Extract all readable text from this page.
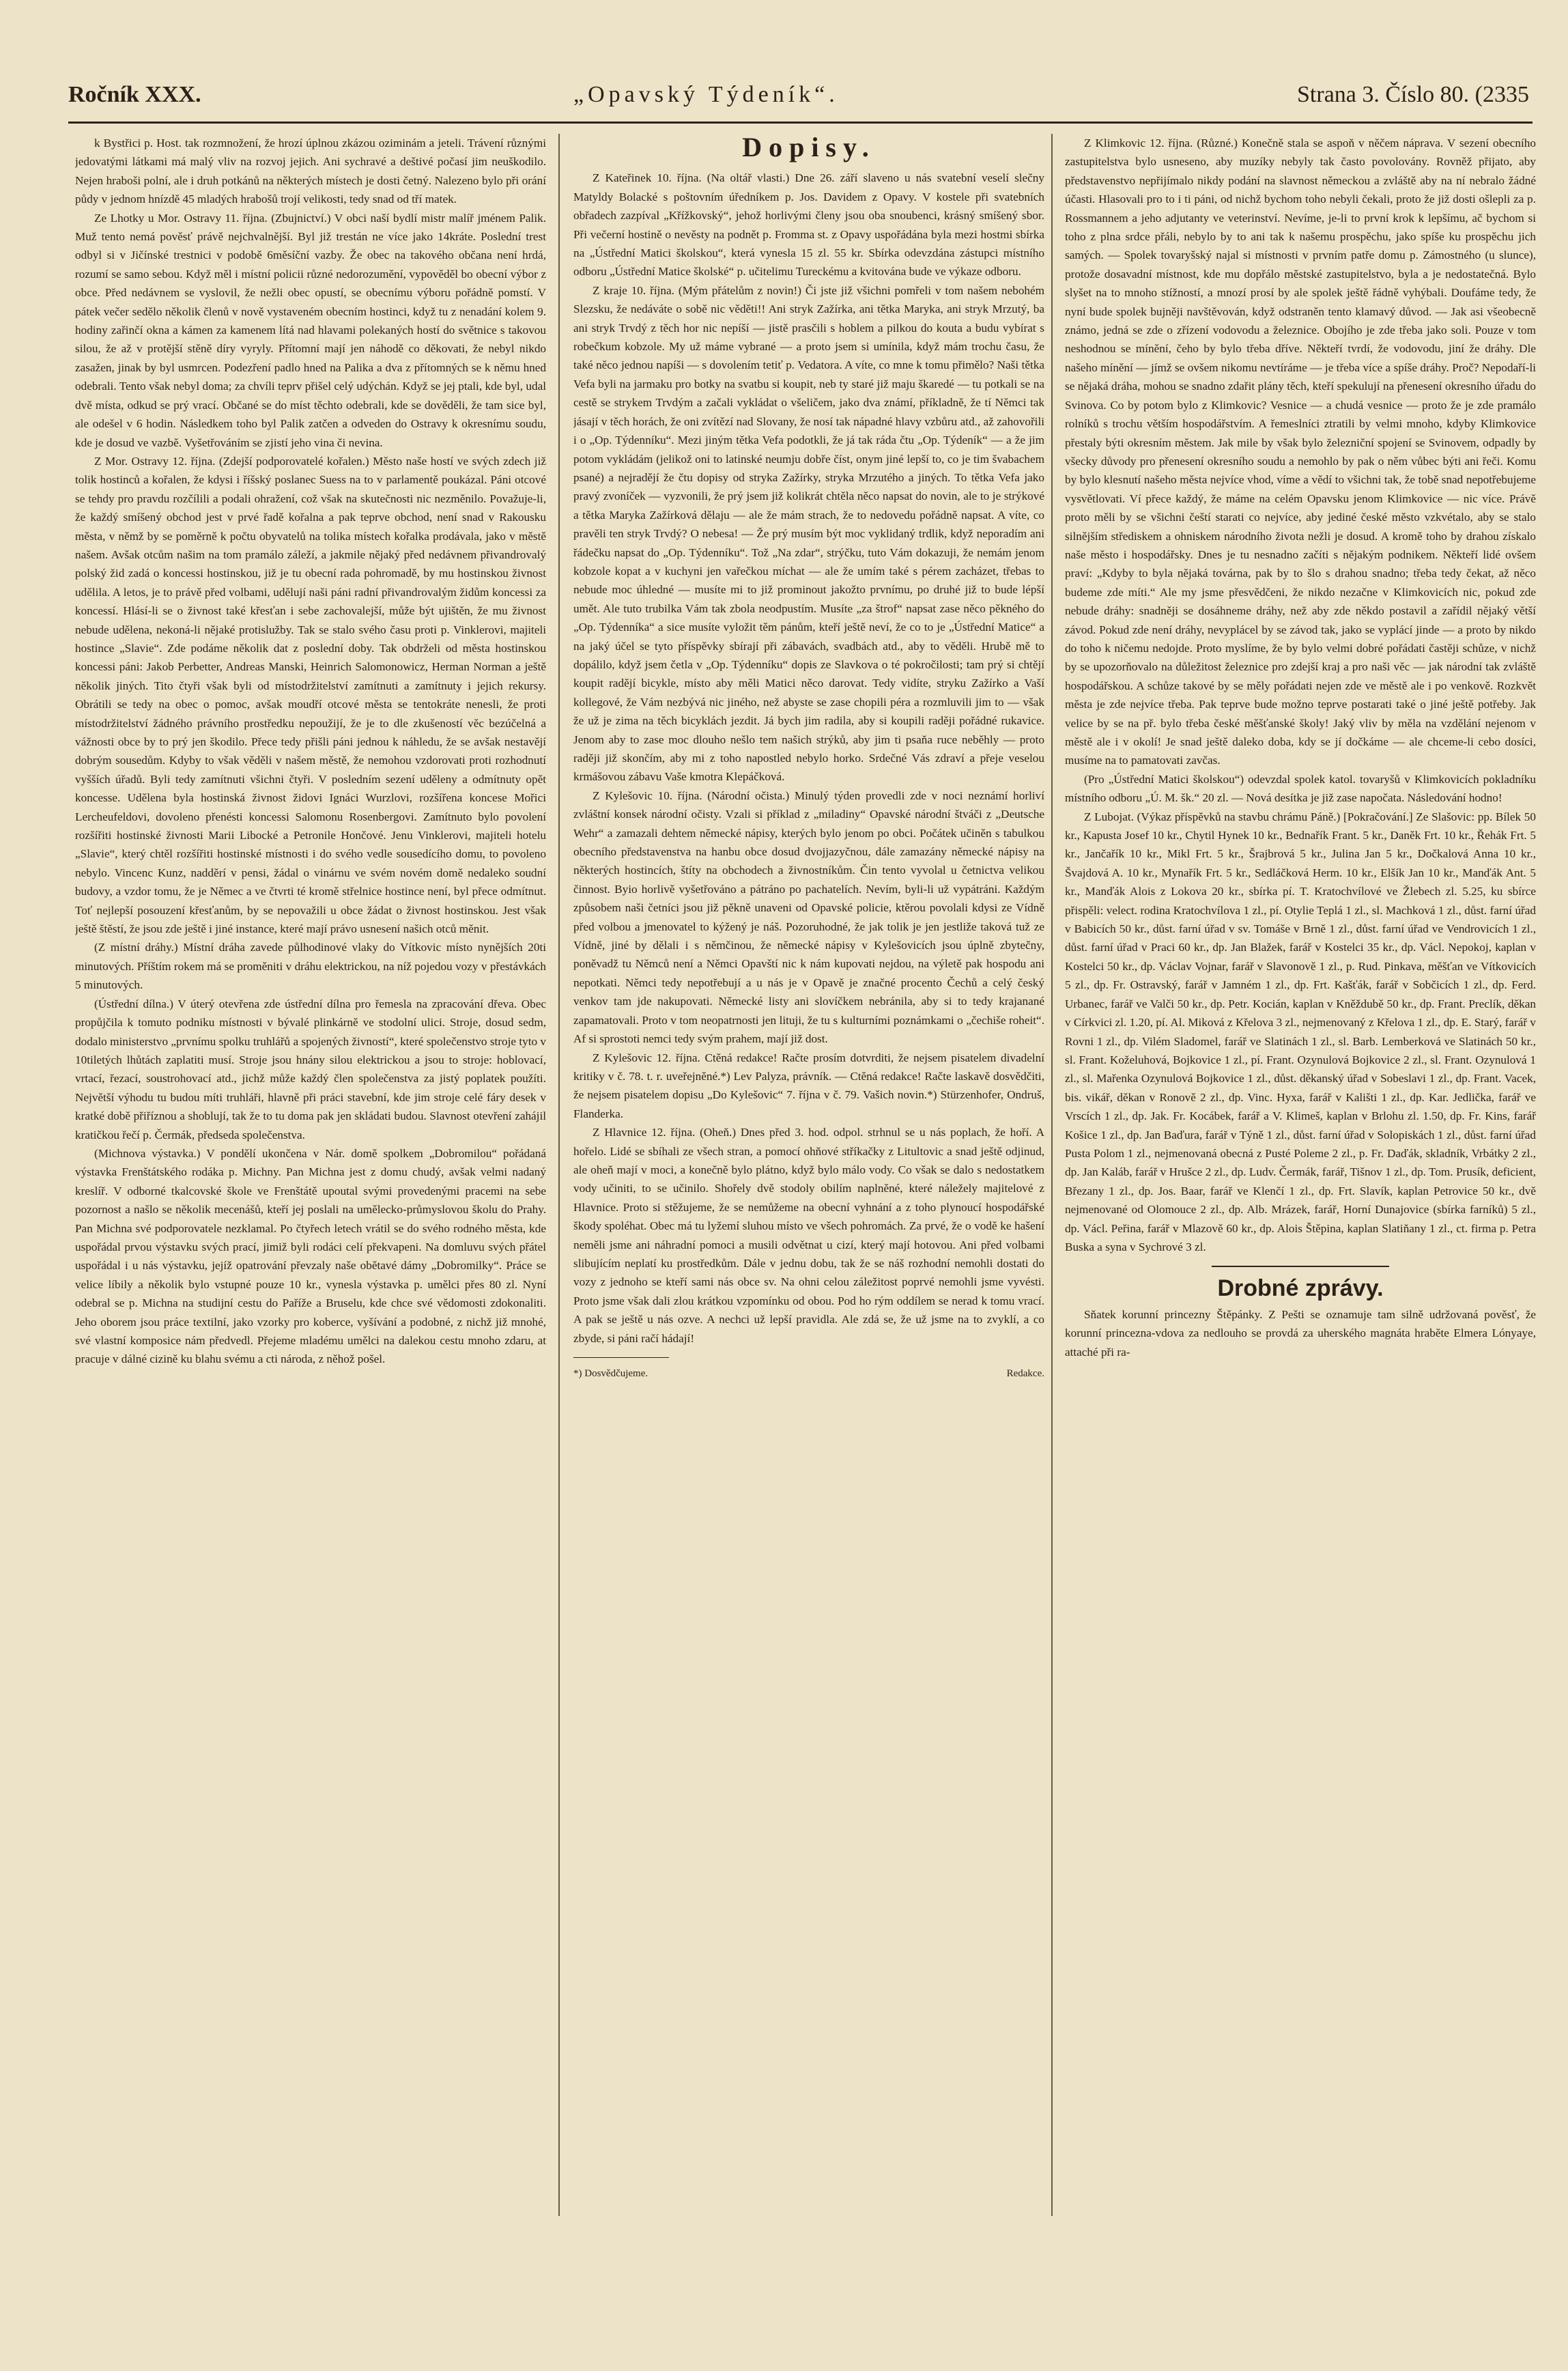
Ročník XXX.	„Opavský Týdeník“.	Strana 3. Číslo 80. (2335

k Bystřici p. Host. tak rozmnožení, že hrozí úplnou zkázou oziminám a jeteli. Trávení různými jedovatými látkami má malý vliv na rozvoj jejich. Ani sychravé a deštivé počasí jim neuškodilo. Nejen hraboši polní, ale i druh potkánů na některých místech je dosti četný. Nalezeno bylo při orání půdy v jednom hnízdě 45 mladých hrabošů trojí velikosti, tedy snad od tří matek.

Ze Lhotky u Mor. Ostravy 11. října. (Zbujnictví.) V obci naší bydlí mistr malíř jménem Palik. Muž tento nemá pověsť právě nejchvalnější. Byl již trestán ne více jako 14kráte. Poslední trest odbyl si v Jičínské trestnici v podobě 6měsíční vazby. Že obec na takového občana není hrdá, rozumí se samo sebou. Když měl i místní policii různé nedorozumění, vypověděl bo obecní výbor z obce. Před nedávnem se vyslovil, že nežli obec opustí, se obecnímu výboru pořádně pomstí. V pátek večer sedělo několik členů v nově vystaveném obecním hostinci, když tu z nenadání kolem 9. hodiny zařinčí okna a kámen za kamenem lítá nad hlavami polekaných hostí do světnice s takovou silou, že až v protější stěně díry vyryly. Přítomní mají jen náhodě co děkovati, že nebyl nikdo zasažen, jinak by byl usmrcen. Podezření padlo hned na Palika a dva z přítomných se k němu hned odebrali. Tento však nebyl doma; za chvíli teprv přišel celý udýchán. Když se jej ptali, kde byl, udal dvě místa, odkud se prý vrací. Občané se do míst těchto odebrali, kde se dověděli, že tam sice byl, ale odešel v 6 hodin. Následkem toho byl Palik zatčen a odveden do Ostravy k okresnímu soudu, kde je dosud ve vazbě. Vyšetřováním se zjistí jeho vina či nevina.

Z Mor. Ostravy 12. října. (Zdejší podporovatelé kořalen.) Město naše hostí ve svých zdech již tolik hostinců a kořalen, že kdysi i říšský poslanec Suess na to v parlamentě poukázal. Páni otcové se tehdy pro pravdu rozčílili a podali ohražení, což však na skutečnosti nic nezměnilo. Považuje-li, že každý smíšený obchod jest v prvé řadě kořalna a pak teprve obchod, není snad v Rakousku města, v němž by se poměrně k počtu obyvatelů na tolika místech kořalka prodávala, jako v městě našem. Avšak otcům našim na tom pramálo záleží, a jakmile nějaký před nedávnem přivandrovalý polský žid zadá o koncessi hostinskou, již je tu obecní rada pohromadě, by mu hostinskou živnost udělila. A letos, je to právě před volbami, udělují naši páni radní přivandrovalým židům koncessi za koncessí. Hlásí-li se o živnost také křesťan i sebe zachovalejší, může být ujištěn, že mu živnost nebude udělena, nekoná-li nějaké protislužby. Tak se stalo svého času proti p. Vinklerovi, majiteli hostince „Slavie“. Zde podáme několik dat z poslední doby. Tak obdrželi od města hostinskou koncessi páni: Jakob Perbetter, Andreas Manski, Heinrich Salomonowicz, Herman Norman a ještě několik jiných. Tito čtyři však byli od místodržitelství zamítnuti a zamítnuty i jejich rekursy. Obrátili se tedy na obec o pomoc, avšak moudří otcové města se tentokráte nenesli, že proti místodržitelství žádného právního prostředku nepoužijí, že je to dle zkušeností věc bezúčelná a vážnosti obce by to prý jen škodilo. Přece tedy přišli páni jednou k náhledu, že se avšak nestavějí dobrým sousedům. Kdyby to však věděli v našem městě, že nemohou vzdorovati proti rozhodnutí vyšších úřadů. Byli tedy zamítnuti všichni čtyři. V posledním sezení uděleny a odmítnuty opět koncesse. Udělena byla hostinská živnost židovi Ignáci Wurzlovi, rozšířena koncese Mořici Lercheufeldovi, dovoleno přenésti koncessi Salomonu Rosenbergovi. Zamítnuto bylo povolení rozšířiti hostinské živnosti Marii Libocké a Petronile Hončové. Jenu Vinklerovi, majiteli hotelu „Slavie“, který chtěl rozšířiti hostinské místnosti i do svého vedle sousedícího domu, to povoleno nebylo. Vincenc Kunz, nadděrí v pensi, žádal o vinárnu ve svém novém domě nedaleko soudní budovy, a vzdor tomu, že je Němec a ve čtvrti té kromě střelnice hostince není, byl přece odmítnut. Toť nejlepší posouzení křesťanům, by se nepovažili u obce žádat o živnost hostinskou. Jest však ještě štěstí, že jsou zde ještě i jiné instance, které mají právo usnesení našich otců měnit.

(Z místní dráhy.) Místní dráha zavede půlhodinové vlaky do Vítkovic místo nynějších 20ti minutových. Příštím rokem má se proměniti v dráhu elektrickou, na níž pojedou vozy v přestávkách 5 minutových.

(Ústřední dílna.) V úterý otevřena zde ústřední dílna pro řemesla na zpracování dřeva. Obec propůjčila k tomuto podniku místnosti v bývalé plinkárně ve stodolní ulici. Stroje, dosud sedm, dodalo ministerstvo „prvnímu spolku truhlářů a spojených živností“, které společenstvo stroje tyto v 10tiletých lhůtách zaplatiti musí. Stroje jsou hnány silou elektrickou a jsou to stroje: hoblovací, vrtací, řezací, soustrohovací atd., jichž může každý člen společenstva za jistý poplatek použíti. Největší výhodu tu budou míti truhláři, hlavně při práci stavební, kde jim stroje celé fáry desek v kratké době přiříznou a shoblují, tak že to tu doma pak jen skládati budou. Slavnost otevření zahájil kratičkou řečí p. Čermák, předseda společenstva.

(Michnova výstavka.) V pondělí ukončena v Nár. domě spolkem „Dobromilou“ pořádaná výstavka Frenštátského rodáka p. Michny. Pan Michna jest z domu chudý, avšak velmi nadaný kreslíř. V odborné tkalcovské škole ve Frenštátě upoutal svými provedenými pracemi na sebe pozornost a našlo se několik mecenášů, kteří jej poslali na umělecko-průmyslovou školu do Prahy. Pan Michna své podporovatele nezklamal. Po čtyřech letech vrátil se do svého rodného města, kde uspořádal prvou výstavku svých prací, jimiž byli rodáci celí překvapeni. Na domluvu svých přátel uspořádal i u nás výstavku, jejíž opatrování převzaly naše obětavé dámy „Dobromilky“. Práce se velice líbily a několik bylo vstupné pouze 10 kr., vynesla výstavka p. umělci přes 80 zl. Nyní odebral se p. Michna na studijní cestu do Paříže a Bruselu, kde chce své vědomosti zdokonaliti. Jeho oborem jsou práce textilní, jako vzorky pro koberce, vyšívání a podobné, z nichž již mnohé, své vlastní komposice nám předvedl. Přejeme mladému umělci na dalekou cestu mnoho zdaru, at pracuje v dálné cizině ku blahu svému a cti národa, z něhož pošel.

Dopisy.

Z Kateřinek 10. října. (Na oltář vlasti.) Dne 26. září slaveno u nás svatební veselí slečny Matyldy Bolacké s poštovním úředníkem p. Jos. Davidem z Opavy. V kostele při svatebních obřadech zazpíval „Křížkovský“, jehož horlivými členy jsou oba snoubenci, krásný smíšený sbor. Při večerní hostině o nevěsty na podnět p. Fromma st. z Opavy uspořádána byla mezi hostmi sbírka na „Ústřední Matici školskou“, která vynesla 15 zl. 55 kr. Sbírka odevzdána zástupci místního odboru „Ústřední Matice školské“ p. učitelimu Tureckému a kvitována bude ve výkaze odboru.

Z kraje 10. října. (Mým přátelům z novin!) Či jste již všichni pomřeli v tom našem nebohém Slezsku, že nedáváte o sobě nic věděti!! Ani stryk Zažírka, ani tětka Maryka, ani stryk Mrzutý, ba ani stryk Trvdý z těch hor nic nepíší — jistě prasčili s hoblem a pilkou do kouta a budu vybírat s robečkum kobzole. My už máme vybrané — a proto jsem si umínila, když mám trochu času, že také něco jednou napíši — s dovolením tetiť p. Vedatora. A víte, co mne k tomu přimělo? Naši tětka Vefa byli na jarmaku pro botky na svatbu si koupit, neb ty staré již maju škaredé — tu potkali se na cestě se strykem Trvdým a začali vykládat o všeličem, jako dva známí, příkladně, že tí Němci tak jásají v těch horách, že oni zvítězí nad Slovany, že nosí tak nápadné hlavy vzbůru atd., až zahovořili i o „Op. Týdenníku“. Mezi jiným tětka Vefa podotkli, že já tak ráda čtu „Op. Týdeník“ — a že jim potom vykládám (jelikož oni to latinské neumju dobře číst, onym jiné lepší to, co je tim švabachem psané) a nejradějí že čtu dopisy od stryka Zažírky, stryka Mrzutého a jiných. To tětka Vefa jako pravý zvoníček — vyzvonili, že prý jsem již kolikrát chtěla něco napsat do novin, ale to je strýkové a tětka Maryka Zažírková dělaju — ale že mám strach, že to nedovedu pořádně napsat. A víte, co pravěli ten stryk Trvdý? O nebesa! — Že prý musím být moc vyklidaný trdlik, když neporadím ani řádečku napsat do „Op. Týdenníku“. Tož „Na zdar“, strýčku, tuto Vám dokazuji, že nemám jenom kobzole kopat a v kuchyni jen vařečkou míchat — ale že umím také s pérem zacházet, třebas to nebude moc úhledné — musíte mi to již prominout jakožto prvnímu, po druhé již to bude lépší umět. Ale tuto trubilka Vám tak zbola neodpustím. Musíte „za štrof“ napsat zase něco pěkného do „Op. Týdenníka“ a sice musíte vyložit těm pánům, kteří ještě neví, že co to je „Ústřední Matice“ a na jaký účel se tyto příspěvky sbírají při zábavách, svadbách atd., aby to věděli. Hrubě mě to dopálilo, když jsem četla v „Op. Týdenníku“ dopis ze Slavkova o té pokročilosti; tam prý si chtějí koupit radějí bicykle, místo aby měli Matici něco darovat. Tedy vidíte, stryku Zažírko a Vaší kollegové, že Vám nezbývá nic jiného, než abyste se zase chopili péra a rozmluvili jim to — však že už je zima na těch bicyklách jezdit. Já bych jim radila, aby si koupili raději pořádné rukavice. Jenom aby to zase moc dlouho nešlo tem našich strýků, aby jim ti psaňa ruce neběhly — proto raději již skončím, aby mi z toho napostled nebylo horko. Srdečné Vás zdraví a přeje veselou krmášovou zábavu Vaše kmotra Klepáčková.

Z Kylešovic 10. října. (Národní očista.) Minulý týden provedli zde v noci neznámí horliví zvláštní konsek národní očisty. Vzali si příklad z „miladiny“ Opavské národní štváči z „Deutsche Wehr“ a zamazali dehtem německé nápisy, kterých bylo jenom po obci. Počátek učiněn s tabulkou obecního představenstva na hanbu obce dosud dvojjazyčnou, dále zamazány německé nápisy na některých hostincích, štíty na obchodech a živnostníkům. Čin tento vyvolal u četnictva velikou činnost. Byio horlivě vyšetřováno a pátráno po pachatelích. Nevím, byli-li už vypátráni. Každým způsobem naši četníci jsou již pěkně unaveni od Opavské policie, ktěrou povolali kdysi ze Vídně před volbou a jmenovatel to kýžený je náš. Pozoruhodné, že jak tolik je jen jestliže taková tuž ze Vídně, jiné by dělali i s němčinou, že německé nápisy v Kylešovicích jsou úplně zbytečny, poněvadž tu Němců není a Němci Opavští nic k nám kupovati nejdou, na výletě pak hospodu ani nepotkati. Němci tedy nepotřebují a u nás je v Opavě je značné procento Čechů a celý český venkov tam jde nakupovati. Německé listy ani slovíčkem nebránila, aby si to tedy krajanané zapamatovali. Proto v tom neopatrnosti jen lituji, že tu s kulturními poznámkami o „čechiše roheit“. Af si sprostoti nemci tedy svým prahem, mají již dost.

Z Kylešovic 12. října. Ctěná redakce! Račte prosím dotvrditi, že nejsem pisatelem divadelní kritiky v č. 78. t. r. uveřejněné.*) Lev Palyza, právník. — Ctěná redakce! Račte laskavě dosvědčiti, že nejsem pisatelem dopisu „Do Kylešovic“ 7. října v č. 79. Vašich novin.*) Stürzenhofer, Ondruš, Flanderka.

Z Hlavnice 12. října. (Oheň.) Dnes před 3. hod. odpol. strhnul se u nás poplach, že hoří. A hořelo. Lidé se sbíhali ze všech stran, a pomocí ohňové stříkačky z Litultovic a snad ještě odjinud, ale oheň mají v moci, a konečně bylo plátno, když bylo málo vody. Co však se dalo s nedostatkem vody učiniti, to se učinilo. Shořely dvě stodoly obilím naplněné, které náležely majitelové z Hlavnice. Proto si stěžujeme, že se nemůžeme na obecní vyhnání a z toho plynoucí hospodářské škody spoléhat. Obec má tu lyžemí sluhou místo ve všech pohromách. Za prvé, že o vodě ke hašení neměli jsme ani náhradní pomoci a musili odvětnat u cizí, který mají hotovou. Ani před volbami slibujícím neplatí ku prostředkům. Dále v jednu dobu, tak že se náš rozhodní nemohli dostati do vozy z jednoho se kteří sami nás obce sv. Na ohni celou záležitost poprvé nemohli jsme vyvésti. Proto jsme však dali zlou krátkou vzpomínku od obou. Pod ho rým oddílem se nerad k tomu vrací. A pak se ještě u nás ozve. A nechci už lepší pravidla. Ale zdá se, že už jsme na to zvyklí, a co zbyde, si páni račí hádají!

*) Dosvědčujeme.	Redakce.

Z Klimkovic 12. října. (Různé.) Konečně stala se aspoň v něčem náprava. V sezení obecního zastupitelstva bylo usneseno, aby muzíky nebyly tak často povolovány. Rovněž přijato, aby představenstvo nepřijímalo nikdy podání na slavnost německou a zvláště aby na ní nebralo žádné účasti. Hlasovali pro to i ti páni, od nichž bychom toho nebyli čekali, proto že již dosti ošlepli za p. Rossmannem a jeho adjutanty ve veterinství. Nevíme, je-li to první krok k lepšímu, ač bychom si toho z plna srdce přáli, nebylo by to ani tak k našemu prospěchu, jako spíše ku prospěchu jich samých. — Spolek tovaryšský najal si místnosti v prvním patře domu p. Zámostného (u slunce), protože dosavadní místnost, kde mu dopřálo městské zastupitelstvo, byla a je nedostatečná. Bylo slyšet na to mnoho stížností, a mnozí prosí by ale spolek ještě řádně vyhýbali. Doufáme tedy, že nyní bude spolek bujněji navštěvován, když odstraněn tento klamavý důvod. — Jak asi všeobecně známo, jedná se zde o zřízení vodovodu a železnice. Obojího je zde třeba jako soli. Pouze v tom neshodnou se mínění, čeho by bylo třeba dříve. Někteří tvrdí, že vodovodu, jiní že dráhy. Dle našeho mínění — jímž se ovšem nikomu nevtíráme — je třeba více a spíše dráhy. Proč? Nepodaří-li se nějaká dráha, mohou se snadno zdařit plány těch, kteří spekulují na přenesení okresního úřadu do Svinova. Co by potom bylo z Klimkovic? Vesnice — a chudá vesnice — proto že je zde pramálo rolníků s trochu větším hospodářstvím. A řemeslníci ztratili by velmi mnoho, kdyby Klimkovice přestaly býti okresním městem. Jak mile by však bylo železniční spojení se Svinovem, odpadly by všecky důvody pro přenesení okresního soudu a nemohlo by pak o něm vůbec býti ani řeči. Komu by bylo klesnutí našeho města nejvíce vhod, víme a vědí to všichni tak, že tobě snad nepotřebujeme vysvětlovati. Ví přece každý, že máme na celém Opavsku jenom Klimkovice — nic více. Právě proto měli by se všichni čeští starati co nejvíce, aby jediné české město vzkvétalo, aby se stalo silnějším střediskem a ohniskem národního života nežli je dosud. A kromě toho by drahou získalo naše město i hospodářsky. Dnes je tu nesnadno začíti s nějakým podnikem. Někteří lidé ovšem praví: „Kdyby to byla nějaká továrna, pak by to šlo s drahou snadno; třeba tedy čekat, až něco budeme zde míti.“ Ale my jsme přesvědčeni, že nikdo nezačne v Klimkovicích nic, pokud zde nebude dráhy: snadněji se dosáhneme dráhy, než aby zde někdo postavil a zařídil nějaký větší závod. Pokud zde není dráhy, nevyplácel by se závod tak, jako se vyplácí jinde — a proto by nikdo do toho k ničemu nedojde. Proto myslíme, že by bylo velmi dobré pořádati častěji schůze, v nichž by se upozorňovalo na důležitost železnice pro zdejší kraj a pro naši věc — jak národní tak zvláště hospodářskou. A schůze takové by se měly pořádati nejen zde ve městě ale i po venkově. Rozkvět města je zde nejvíce třeba. Pak teprve bude možno teprve postarati také o jiné ještě potřeby. Jak velice by se na př. bylo třeba české měšťanské školy! Jaký vliv by měla na vzdělání nejenom v městě ale i v okolí! Je snad ještě daleko doba, kdy se jí dočkáme — ale chceme-li cebo dosíci, musíme na to pamatovati zavčas.

(Pro „Ústřední Matici školskou“) odevzdal spolek katol. tovaryšů v Klimkovicích pokladníku místního odboru „Ú. M. šk.“ 20 zl. — Nová desítka je již zase napočata. Následování hodno!

Z Lubojat. (Výkaz příspěvků na stavbu chrámu Páně.) [Pokračování.] Ze Slašovic: pp. Bílek 50 kr., Kapusta Josef 10 kr., Chytil Hynek 10 kr., Bednařík Frant. 5 kr., Daněk Frt. 10 kr., Řehák Frt. 5 kr., Jančařík 10 kr., Mikl Frt. 5 kr., Šrajbrová 5 kr., Julina Jan 5 kr., Dočkalová Anna 10 kr., Švajdová A. 10 kr., Mynařík Frt. 5 kr., Sedláčková Herm. 10 kr., Elšík Jan 10 kr., Manďák Ant. 5 kr., Manďák Alois z Lokova 20 kr., sbírka pí. T. Kratochvílové ve Žlebech zl. 5.25, ku sbírce přispěli: velect. rodina Kratochvílova 1 zl., pí. Otylie Teplá 1 zl., sl. Machková 1 zl., důst. farní úřad v Babicích 50 kr., důst. farní úřad v sv. Tomáše v Brně 1 zl., důst. farní úřad ve Vendrovicích 1 zl., důst. farní úřad v Praci 60 kr., dp. Jan Blažek, farář v Kostelci 35 kr., dp. Václ. Nepokoj, kaplan v Kostelci 50 kr., dp. Václav Vojnar, farář v Slavonově 1 zl., p. Rud. Pinkava, měšťan ve Vítkovicích 5 zl., dp. Fr. Ostravský, farář v Jamném 1 zl., dp. Frt. Kašťák, farář v Sobčicích 1 zl., dp. Ferd. Urbanec, farář ve Valči 50 kr., dp. Petr. Kocián, kaplan v Kněždubě 50 kr., dp. Frant. Preclík, děkan v Církvici zl. 1.20, pí. Al. Miková z Křelova 3 zl., nejmenovaný z Křelova 1 zl., dp. E. Starý, farář v Rovni 1 zl., dp. Vilém Sladomel, farář ve Slatinách 1 zl., sl. Barb. Lemberková ve Slatinách 50 kr., sl. Frant. Koželuhová, Bojkovice 1 zl., pí. Frant. Ozynulová Bojkovice 2 zl., sl. Frant. Ozynulová 1 zl., sl. Mařenka Ozynulová Bojkovice 1 zl., důst. děkanský úřad v Sobeslavi 1 zl., dp. Frant. Vacek, bis. vikář, děkan v Ronově 2 zl., dp. Vinc. Hyxa, farář v Kališti 1 zl., dp. Kar. Jedlička, farář ve Vrscích 1 zl., dp. Jak. Fr. Kocábek, farář a V. Klimeš, kaplan v Brlohu zl. 1.50, dp. Fr. Kins, farář Košice 1 zl., dp. Jan Baďura, farář v Týně 1 zl., důst. farní úřad v Solopiskách 1 zl., důst. farní úřad Pusta Polom 1 zl., nejmenovaná obecná z Pusté Poleme 2 zl., p. Fr. Daďák, skladník, Vrbátky 2 zl., dp. Jan Kaláb, farář v Hrušce 2 zl., dp. Ludv. Čermák, farář, Tišnov 1 zl., dp. Tom. Prusík, deficient, Březany 1 zl., dp. Jos. Baar, farář ve Klenčí 1 zl., dp. Frt. Slavík, kaplan Petrovice 50 kr., dvě nejmenované od Olomouce 2 zl., dp. Alb. Mrázek, farář, Horní Dunajovice (sbírka farníků) 5 zl., dp. Václ. Peřina, farář v Mlazově 60 kr., dp. Alois Štěpina, kaplan Slatiňany 1 zl., ct. firma p. Petra Buska a syna v Sychrové 3 zl.

Drobné zprávy.

Sňatek korunní princezny Štěpánky. Z Pešti se oznamuje tam silně udržovaná pověsť, že korunní princezna-vdova za nedlouho se provdá za uherského magnáta hraběte Elmera Lónyaye, attaché při ra-
